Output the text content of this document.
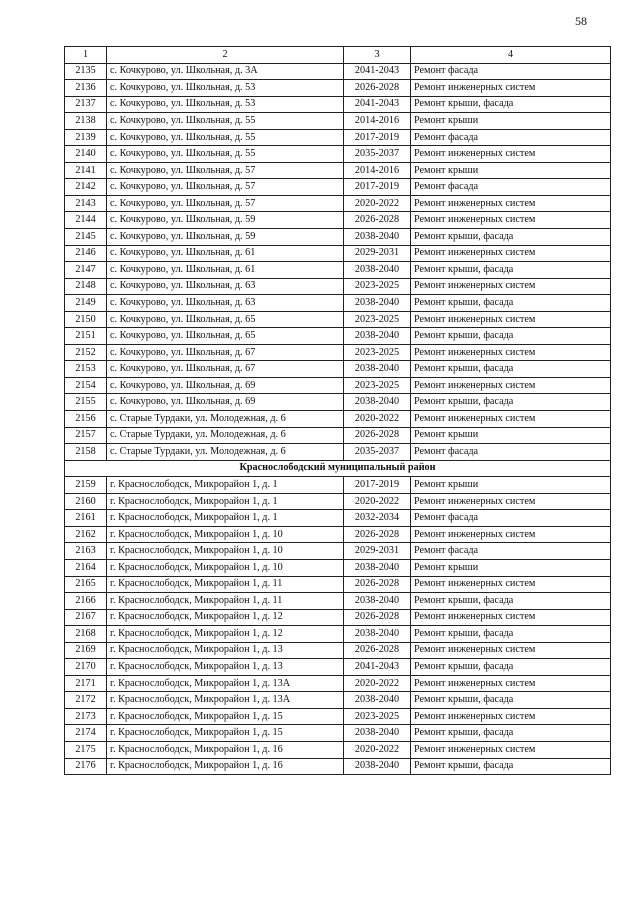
58
1	2	3	4
2135	с. Кочкурово, ул. Школьная, д. 3А	2041-2043	Ремонт фасада
2136	с. Кочкурово, ул. Школьная, д. 53	2026-2028	Ремонт инженерных систем
2137	с. Кочкурово, ул. Школьная, д. 53	2041-2043	Ремонт крыши, фасада
2138	с. Кочкурово, ул. Школьная, д. 55	2014-2016	Ремонт крыши
2139	с. Кочкурово, ул. Школьная, д. 55	2017-2019	Ремонт фасада
2140	с. Кочкурово, ул. Школьная, д. 55	2035-2037	Ремонт инженерных систем
2141	с. Кочкурово, ул. Школьная, д. 57	2014-2016	Ремонт крыши
2142	с. Кочкурово, ул. Школьная, д. 57	2017-2019	Ремонт фасада
2143	с. Кочкурово, ул. Школьная, д. 57	2020-2022	Ремонт инженерных систем
2144	с. Кочкурово, ул. Школьная, д. 59	2026-2028	Ремонт инженерных систем
2145	с. Кочкурово, ул. Школьная, д. 59	2038-2040	Ремонт крыши, фасада
2146	с. Кочкурово, ул. Школьная, д. 61	2029-2031	Ремонт инженерных систем
2147	с. Кочкурово, ул. Школьная, д. 61	2038-2040	Ремонт крыши, фасада
2148	с. Кочкурово, ул. Школьная, д. 63	2023-2025	Ремонт инженерных систем
2149	с. Кочкурово, ул. Школьная, д. 63	2038-2040	Ремонт крыши, фасада
2150	с. Кочкурово, ул. Школьная, д. 65	2023-2025	Ремонт инженерных систем
2151	с. Кочкурово, ул. Школьная, д. 65	2038-2040	Ремонт крыши, фасада
2152	с. Кочкурово, ул. Школьная, д. 67	2023-2025	Ремонт инженерных систем
2153	с. Кочкурово, ул. Школьная, д. 67	2038-2040	Ремонт крыши, фасада
2154	с. Кочкурово, ул. Школьная, д. 69	2023-2025	Ремонт инженерных систем
2155	с. Кочкурово, ул. Школьная, д. 69	2038-2040	Ремонт крыши, фасада
2156	с. Старые Турдаки, ул. Молодежная, д. 6	2020-2022	Ремонт инженерных систем
2157	с. Старые Турдаки, ул. Молодежная, д. 6	2026-2028	Ремонт крыши
2158	с. Старые Турдаки, ул. Молодежная, д. 6	2035-2037	Ремонт фасада
Краснослободский муниципальный район			
2159	г. Краснослободск, Микрорайон 1, д. 1	2017-2019	Ремонт крыши
2160	г. Краснослободск, Микрорайон 1, д. 1	2020-2022	Ремонт инженерных систем
2161	г. Краснослободск, Микрорайон 1, д. 1	2032-2034	Ремонт фасада
2162	г. Краснослободск, Микрорайон 1, д. 10	2026-2028	Ремонт инженерных систем
2163	г. Краснослободск, Микрорайон 1, д. 10	2029-2031	Ремонт фасада
2164	г. Краснослободск, Микрорайон 1, д. 10	2038-2040	Ремонт крыши
2165	г. Краснослободск, Микрорайон 1, д. 11	2026-2028	Ремонт инженерных систем
2166	г. Краснослободск, Микрорайон 1, д. 11	2038-2040	Ремонт крыши, фасада
2167	г. Краснослободск, Микрорайон 1, д. 12	2026-2028	Ремонт инженерных систем
2168	г. Краснослободск, Микрорайон 1, д. 12	2038-2040	Ремонт крыши, фасада
2169	г. Краснослободск, Микрорайон 1, д. 13	2026-2028	Ремонт инженерных систем
2170	г. Краснослободск, Микрорайон 1, д. 13	2041-2043	Ремонт крыши, фасада
2171	г. Краснослободск, Микрорайон 1, д. 13А	2020-2022	Ремонт инженерных систем
2172	г. Краснослободск, Микрорайон 1, д. 13А	2038-2040	Ремонт крыши, фасада
2173	г. Краснослободск, Микрорайон 1, д. 15	2023-2025	Ремонт инженерных систем
2174	г. Краснослободск, Микрорайон 1, д. 15	2038-2040	Ремонт крыши, фасада
2175	г. Краснослободск, Микрорайон 1, д. 16	2020-2022	Ремонт инженерных систем
2176	г. Краснослободск, Микрорайон 1, д. 16	2038-2040	Ремонт крыши, фасада
